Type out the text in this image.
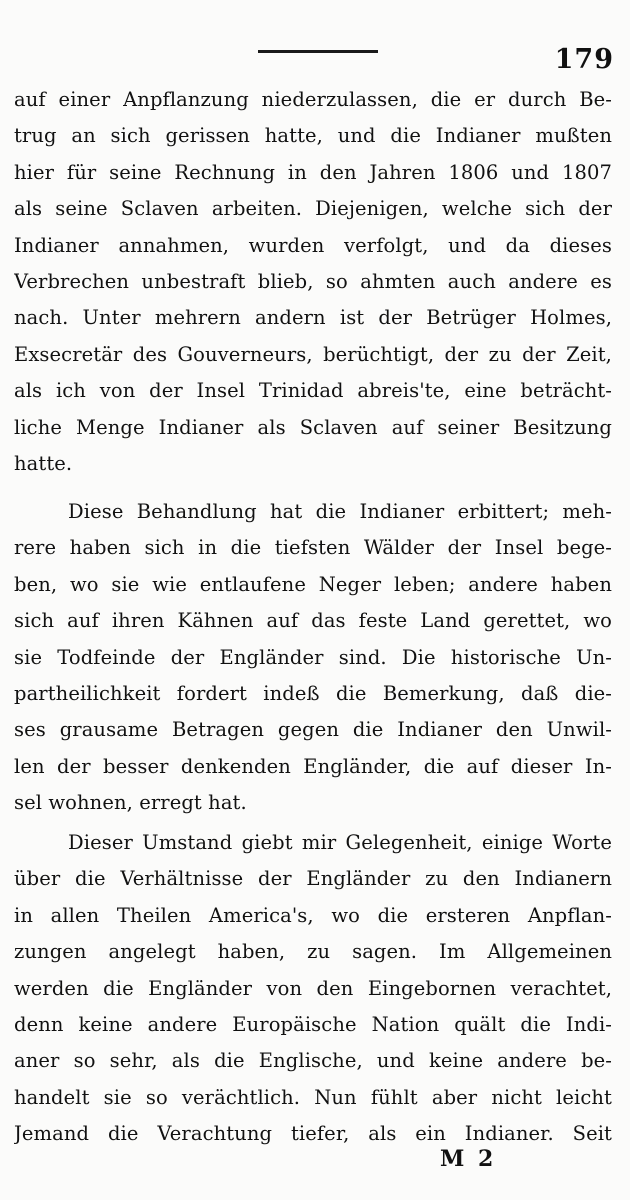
179
auf einer Anpflanzung niederzulassen, die er durch Be-
trug an sich gerissen hatte, und die Indianer mußten
hier für seine Rechnung in den Jahren 1806 und 1807
als seine Sclaven arbeiten. Diejenigen, welche sich der
Indianer annahmen, wurden verfolgt, und da dieses
Verbrechen unbestraft blieb, so ahmten auch andere es
nach. Unter mehrern andern ist der Betrüger Holmes,
Exsecretär des Gouverneurs, berüchtigt, der zu der Zeit,
als ich von der Insel Trinidad abreis'te, eine beträcht-
liche Menge Indianer als Sclaven auf seiner Besitzung
hatte.
Diese Behandlung hat die Indianer erbittert; meh-
rere haben sich in die tiefsten Wälder der Insel bege-
ben, wo sie wie entlaufene Neger leben; andere haben
sich auf ihren Kähnen auf das feste Land gerettet, wo
sie Todfeinde der Engländer sind. Die historische Un-
partheilichkeit fordert indeß die Bemerkung, daß die-
ses grausame Betragen gegen die Indianer den Unwil-
len der besser denkenden Engländer, die auf dieser In-
sel wohnen, erregt hat.
Dieser Umstand giebt mir Gelegenheit, einige Worte
über die Verhältnisse der Engländer zu den Indianern
in allen Theilen America's, wo die ersteren Anpflan-
zungen angelegt haben, zu sagen. Im Allgemeinen
werden die Engländer von den Eingebornen verachtet,
denn keine andere Europäische Nation quält die Indi-
aner so sehr, als die Englische, und keine andere be-
handelt sie so verächtlich. Nun fühlt aber nicht leicht
Jemand die Verachtung tiefer, als ein Indianer. Seit
M 2
